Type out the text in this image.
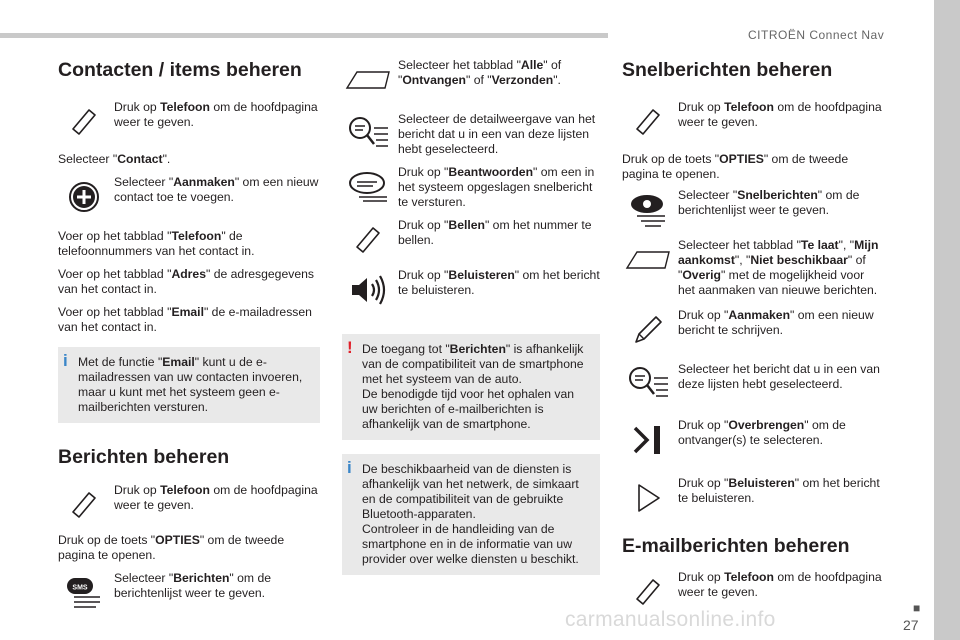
CITROËN Connect Nav
Contacten / items beheren
Druk op Telefoon om de hoofdpagina weer te geven.
Selecteer "Contact".
Selecteer "Aanmaken" om een nieuw contact toe te voegen.
Voer op het tabblad "Telefoon" de telefoonnummers van het contact in.
Voer op het tabblad "Adres" de adresgegevens van het contact in.
Voer op het tabblad "Email" de e-mailadressen van het contact in.
i Met de functie "Email" kunt u de e-mailadressen van uw contacten invoeren, maar u kunt met het systeem geen e-mailberichten versturen.
Berichten beheren
Druk op Telefoon om de hoofdpagina weer te geven.
Druk op de toets "OPTIES" om de tweede pagina te openen.
SMS
Selecteer "Berichten" om de berichtenlijst weer te geven.
Selecteer het tabblad "Alle" of "Ontvangen" of "Verzonden".
Selecteer de detailweergave van het bericht dat u in een van deze lijsten hebt geselecteerd.
Druk op "Beantwoorden" om een in het systeem opgeslagen snelbericht te versturen.
Druk op "Bellen" om het nummer te bellen.
Druk op "Beluisteren" om het bericht te beluisteren.
! De toegang tot "Berichten" is afhankelijk van de compatibiliteit van de smartphone met het systeem van de auto.
De benodigde tijd voor het ophalen van uw berichten of e-mailberichten is afhankelijk van de smartphone.
i De beschikbaarheid van de diensten is afhankelijk van het netwerk, de simkaart en de compatibiliteit van de gebruikte Bluetooth-apparaten.
Controleer in de handleiding van de smartphone en in de informatie van uw provider over welke diensten u beschikt.
Snelberichten beheren
Druk op Telefoon om de hoofdpagina weer te geven.
Druk op de toets "OPTIES" om de tweede pagina te openen.
Selecteer "Snelberichten" om de berichtenlijst weer te geven.
Selecteer het tabblad "Te laat", "Mijn aankomst", "Niet beschikbaar" of "Overig" met de mogelijkheid voor het aanmaken van nieuwe berichten.
Druk op "Aanmaken" om een nieuw bericht te schrijven.
Selecteer het bericht dat u in een van deze lijsten hebt geselecteerd.
Druk op "Overbrengen" om de ontvanger(s) te selecteren.
Druk op "Beluisteren" om het bericht te beluisteren.
E-mailberichten beheren
Druk op Telefoon om de hoofdpagina weer te geven.
■
27
carmanualsonline.info
